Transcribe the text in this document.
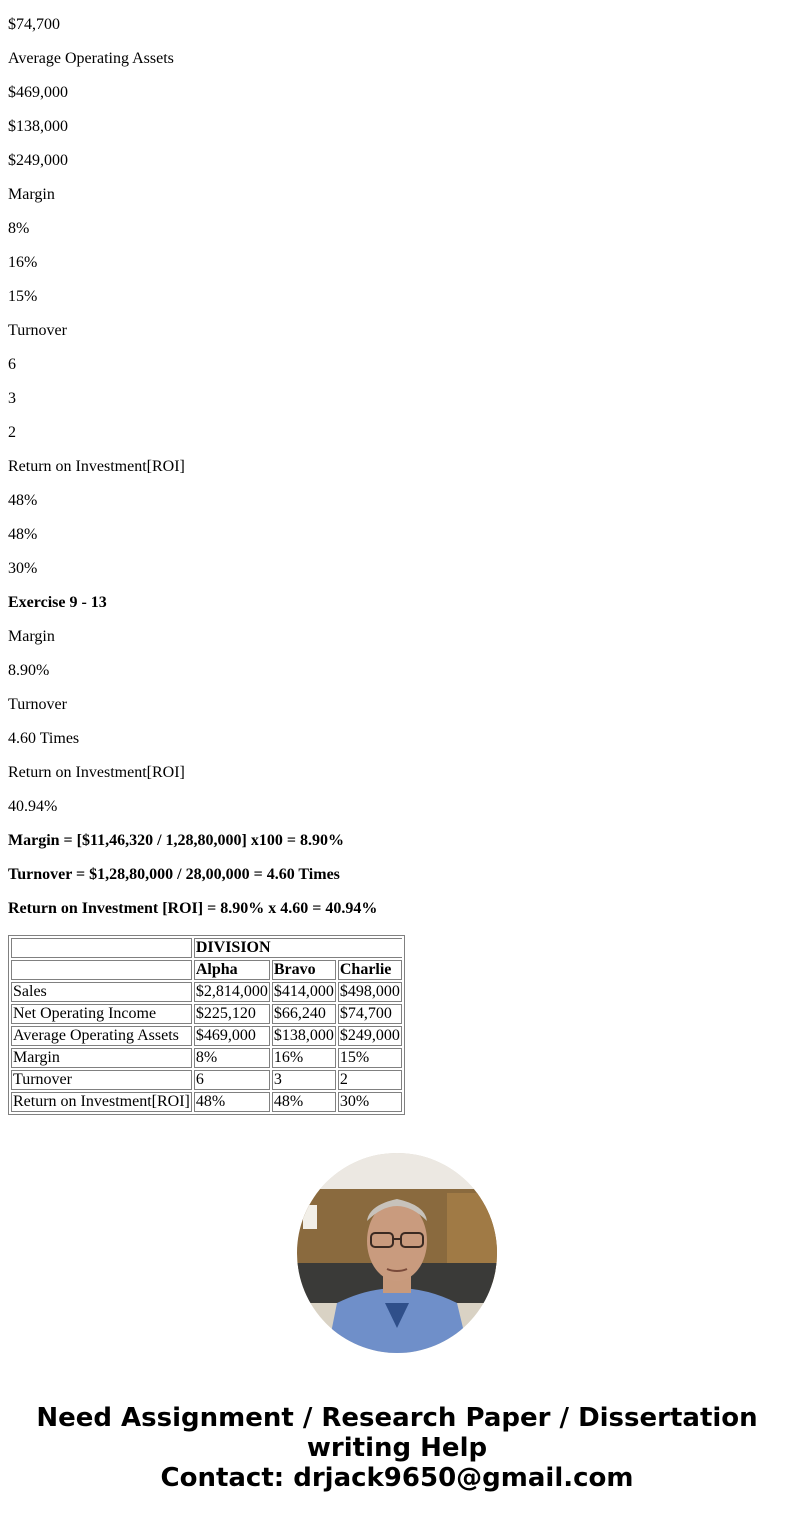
$74,700

Average Operating Assets

$469,000

$138,000

$249,000

Margin

8%

16%

15%

Turnover

6

3

2

Return on Investment[ROI]

48%

48%

30%

Exercise 9 - 13

Margin

8.90%

Turnover

4.60 Times

Return on Investment[ROI]

40.94%

Margin = [$11,46,320 / 1,28,80,000] x100 = 8.90%

Turnover = $1,28,80,000 / 28,00,000 = 4.60 Times

Return on Investment [ROI] = 8.90% x 4.60 = 40.94%

	DIVISION		
	Alpha	Bravo	Charlie
Sales	$2,814,000	$414,000	$498,000
Net Operating Income	$225,120	$66,240	$74,700
Average Operating Assets	$469,000	$138,000	$249,000
Margin	8%	16%	15%
Turnover	6	3	2
Return on Investment[ROI]	48%	48%	30%
Need Assignment / Research Paper / Dissertation
writing Help
Contact: drjack9650@gmail.com
